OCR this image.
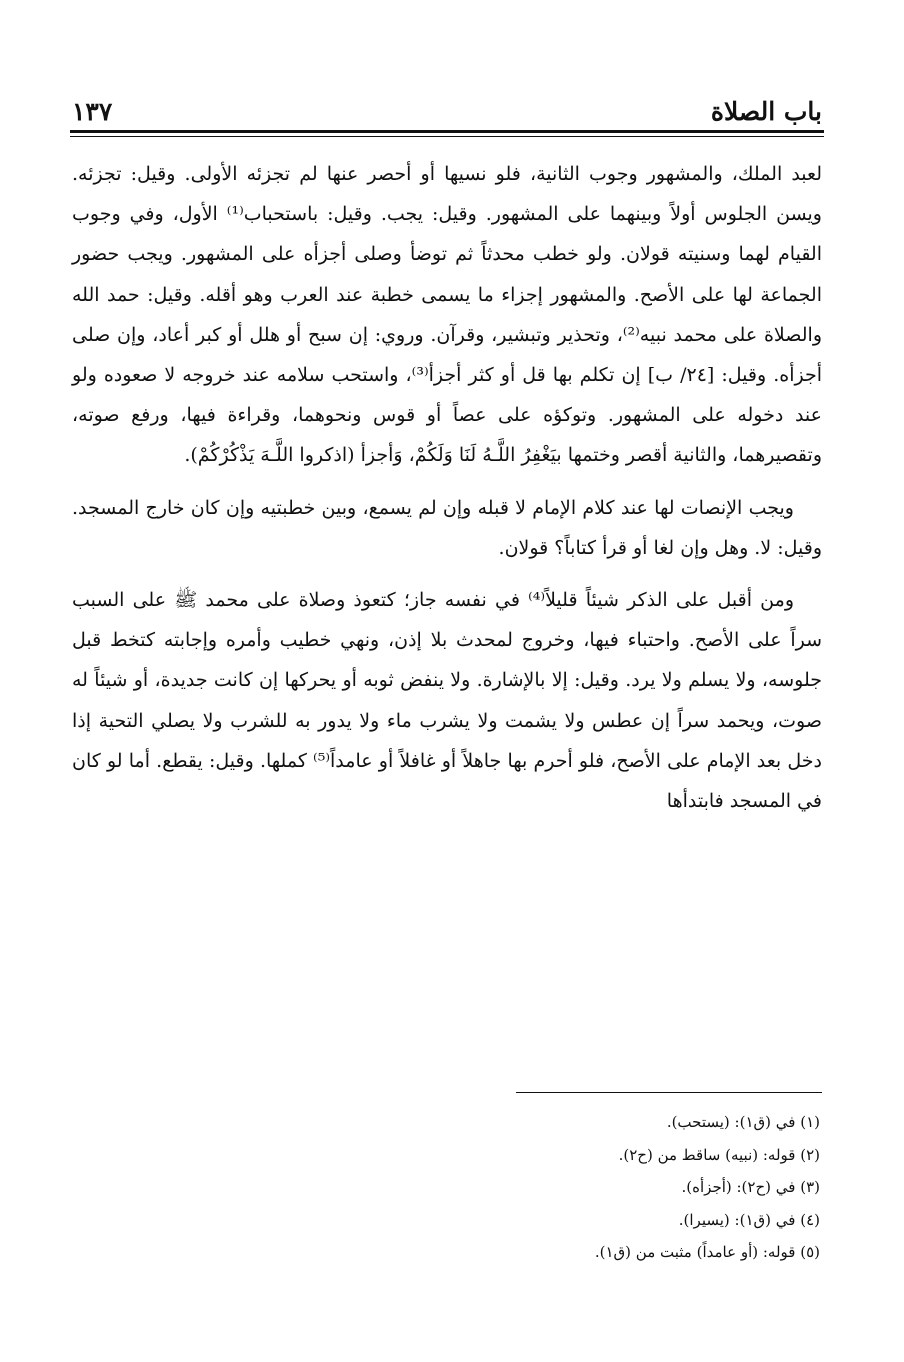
باب الصلاة
١٣٧

لعبد الملك، والمشهور وجوب الثانية، فلو نسيها أو أحصر عنها لم تجزئه الأولى. وقيل: تجزئه. ويسن الجلوس أولاً وبينهما على المشهور. وقيل: يجب. وقيل: باستحباب⁽¹⁾ الأول، وفي وجوب القيام لهما وسنيته قولان. ولو خطب محدثاً ثم توضأ وصلى أجزأه على المشهور. ويجب حضور الجماعة لها على الأصح. والمشهور إجزاء ما يسمى خطبة عند العرب وهو أقله. وقيل: حمد الله والصلاة على محمد نبيه⁽²⁾، وتحذير وتبشير، وقرآن. وروي: إن سبح أو هلل أو كبر أعاد، وإن صلى أجزأه. وقيل: [٢٤/ ب] إن تكلم بها قل أو كثر أجزأ⁽³⁾، واستحب سلامه عند خروجه لا صعوده ولو عند دخوله على المشهور. وتوكؤه على عصاً أو قوس ونحوهما، وقراءة فيها، ورفع صوته، وتقصيرهما، والثانية أقصر وختمها بيَغْفِرُ اللَّـهُ لَنَا وَلَكُمْ، وَأجزأ (اذكروا اللَّـهَ يَذْكُرْكُمْ).

ويجب الإنصات لها عند كلام الإمام لا قبله وإن لم يسمع، وبين خطبتيه وإن كان خارج المسجد. وقيل: لا. وهل وإن لغا أو قرأ كتاباً؟ قولان.

ومن أقبل على الذكر شيئاً قليلاً⁽⁴⁾ في نفسه جاز؛ كتعوذ وصلاة على محمد ﷺ على السبب سراً على الأصح. واحتباء فيها، وخروج لمحدث بلا إذن، ونهي خطيب وأمره وإجابته كتخط قبل جلوسه، ولا يسلم ولا يرد. وقيل: إلا بالإشارة. ولا ينفض ثوبه أو يحركها إن كانت جديدة، أو شيئاً له صوت، ويحمد سراً إن عطس ولا يشمت ولا يشرب ماء ولا يدور به للشرب ولا يصلي التحية إذا دخل بعد الإمام على الأصح، فلو أحرم بها جاهلاً أو غافلاً أو عامداً⁽⁵⁾ كملها. وقيل: يقطع. أما لو كان في المسجد فابتدأها

(١) في (ق١): (يستحب).
(٢) قوله: (نبيه) ساقط من (ح٢).
(٣) في (ح٢): (أجزأه).
(٤) في (ق١): (يسيرا).
(٥) قوله: (أو عامداً) مثبت من (ق١).
